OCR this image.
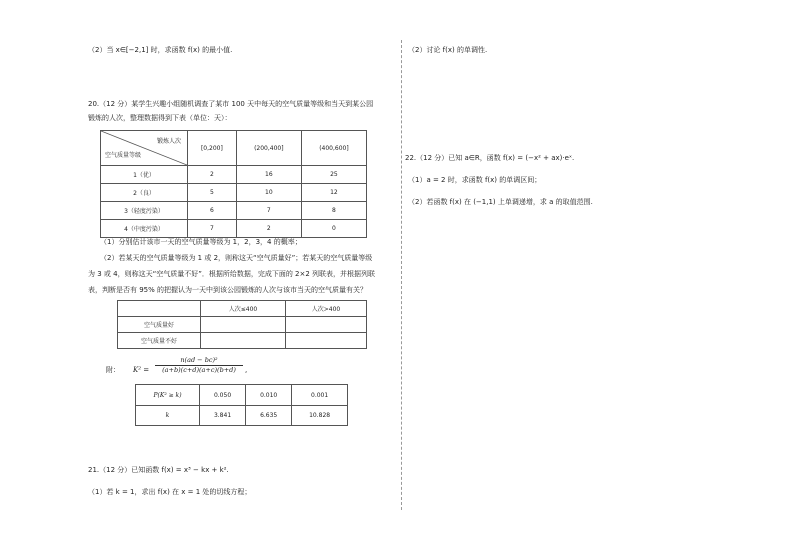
（2）当 x∈[−2,1] 时，求函数 f(x) 的最小值.
20.（12 分）某学生兴趣小组随机调查了某市 100 天中每天的空气质量等级和当天到某公园
锻炼的人次，整理数据得到下表（单位：天）：
锻炼人次
空气质量等级	[0,200]	(200,400]	(400,600]
1（优）	2	16	25
2（良）	5	10	12
3（轻度污染）	6	7	8
4（中度污染）	7	2	0
（1）分别估计该市一天的空气质量等级为 1，2，3，4 的概率；
（2）若某天的空气质量等级为 1 或 2，则称这天“空气质量好”；若某天的空气质量等级
为 3 或 4，则称这天“空气质量不好”．根据所给数据，完成下面的 2×2 列联表，并根据列联
表，判断是否有 95% 的把握认为一天中到该公园锻炼的人次与该市当天的空气质量有关？
	人次≤400	人次>400
空气质量好		
空气质量不好		
附： $K^2 = \frac{\text{n(ad − bc)²}}{(a+b)(c+d)(a+c)(b+d)}$ ,
P(K² ≥ k)	0.050	0.010	0.001
k	3.841	6.635	10.828
21.（12 分）已知函数 f(x) = x³ − kx + k².
（1）若 k = 1，求出 f(x) 在 x = 1 处的切线方程；
（2）讨论 f(x) 的单调性.
22.（12 分）已知 a∈R，函数 f(x) = (−x² + ax)·eˣ.
（1）a = 2 时，求函数 f(x) 的单调区间；
（2）若函数 f(x) 在 (−1,1) 上单调递增，求 a 的取值范围.
